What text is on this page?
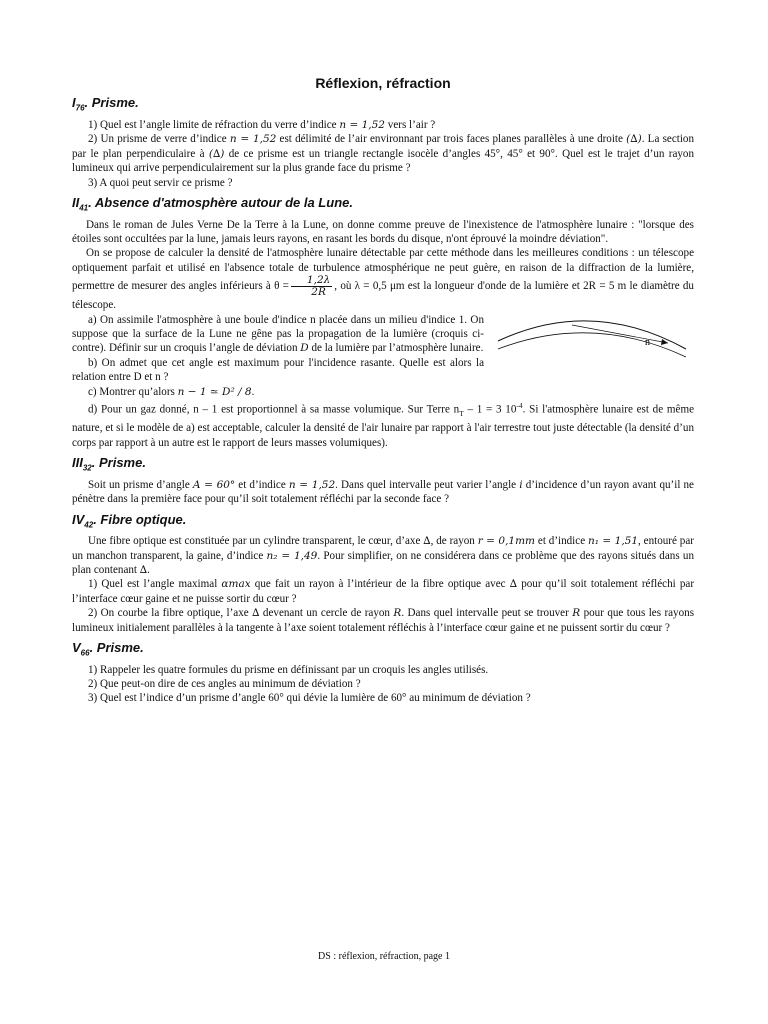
Réflexion, réfraction
$I_{76}$. Prisme.

1) Quel est l’angle limite de réfraction du verre d’indice n = 1,52 vers l’air ?

2) Un prisme de verre d’indice n = 1,52 est délimité de l’air environnant par trois faces planes parallèles à une droite (∆). La section par le plan perpendiculaire à (∆) de ce prisme est un triangle rectangle isocèle d’angles 45°, 45° et 90°. Quel est le trajet d’un rayon lumineux qui arrive perpendiculairement sur la plus grande face du prisme ?

3) A quoi peut servir ce prisme ?

$II_{41}$. Absence d'atmosphère autour de la Lune.

Dans le roman de Jules Verne De la Terre à la Lune, on donne comme preuve de l'inexistence de l'atmosphère lunaire : "lorsque des étoiles sont occultées par la lune, jamais leurs rayons, en rasant les bords du disque, n'ont éprouvé la moindre déviation".

On se propose de calculer la densité de l'atmosphère lunaire détectable par cette méthode dans les meilleures conditions : un télescope optiquement parfait et utilisé en l'absence totale de turbulence atmosphérique ne peut guère, en raison de la diffraction de la lumière, permettre de mesurer des angles inférieurs à $\theta = \frac{1,2\lambda}{2R}$ , où λ = 0,5 μm est la longueur d'onde de la lumière et 2R = 5 m le diamètre du télescope.

n

a) On assimile l'atmosphère à une boule d'indice n placée dans un milieu d'indice 1. On suppose que la surface de la Lune ne gêne pas la propagation de la lumière (croquis ci-contre). Définir sur un croquis l’angle de déviation D de la lumière par l’atmosphère lunaire.

b) On admet que cet angle est maximum pour l'incidence rasante. Quelle est alors la relation entre D et n ?

c) Montrer qu’alors n − 1 ≃ D² / 8.

d) Pour un gaz donné, n – 1 est proportionnel à sa masse volumique. Sur Terre $n_T - 1 = 3$ $10^{-4}$. Si l'atmosphère lunaire est de même nature, et si le modèle de a) est acceptable, calculer la densité de l'air lunaire par rapport à l'air terrestre tout juste détectable (la densité d’un corps par rapport à un autre est le rapport de leurs masses volumiques).

$III_{32}$. Prisme.

Soit un prisme d’angle A = 60° et d’indice n = 1,52. Dans quel intervalle peut varier l’angle i d’incidence d’un rayon avant qu’il ne pénètre dans la première face pour qu’il soit totalement réfléchi par la seconde face ?

$IV_{42}$. Fibre optique.

Une fibre optique est constituée par un cylindre transparent, le cœur, d’axe ∆, de rayon r = 0,1mm et d’indice n₁ = 1,51, entouré par un manchon transparent, la gaine, d’indice n₂ = 1,49. Pour simplifier, on ne considérera dans ce problème que des rayons situés dans un plan contenant ∆.

1) Quel est l’angle maximal αmax que fait un rayon à l’intérieur de la fibre optique avec ∆ pour qu’il soit totalement réfléchi par l’interface cœur gaine et ne puisse sortir du cœur ?

2) On courbe la fibre optique, l’axe ∆ devenant un cercle de rayon R. Dans quel intervalle peut se trouver R pour que tous les rayons lumineux initialement parallèles à la tangente à l’axe soient totalement réfléchis à l’interface cœur gaine et ne puissent sortir du cœur ?

$V_{66}$. Prisme.

1) Rappeler les quatre formules du prisme en définissant par un croquis les angles utilisés.

2) Que peut-on dire de ces angles au minimum de déviation ?

3) Quel est l’indice d’un prisme d’angle 60° qui dévie la lumière de 60° au minimum de déviation ?

DS : réflexion, réfraction, page 1
